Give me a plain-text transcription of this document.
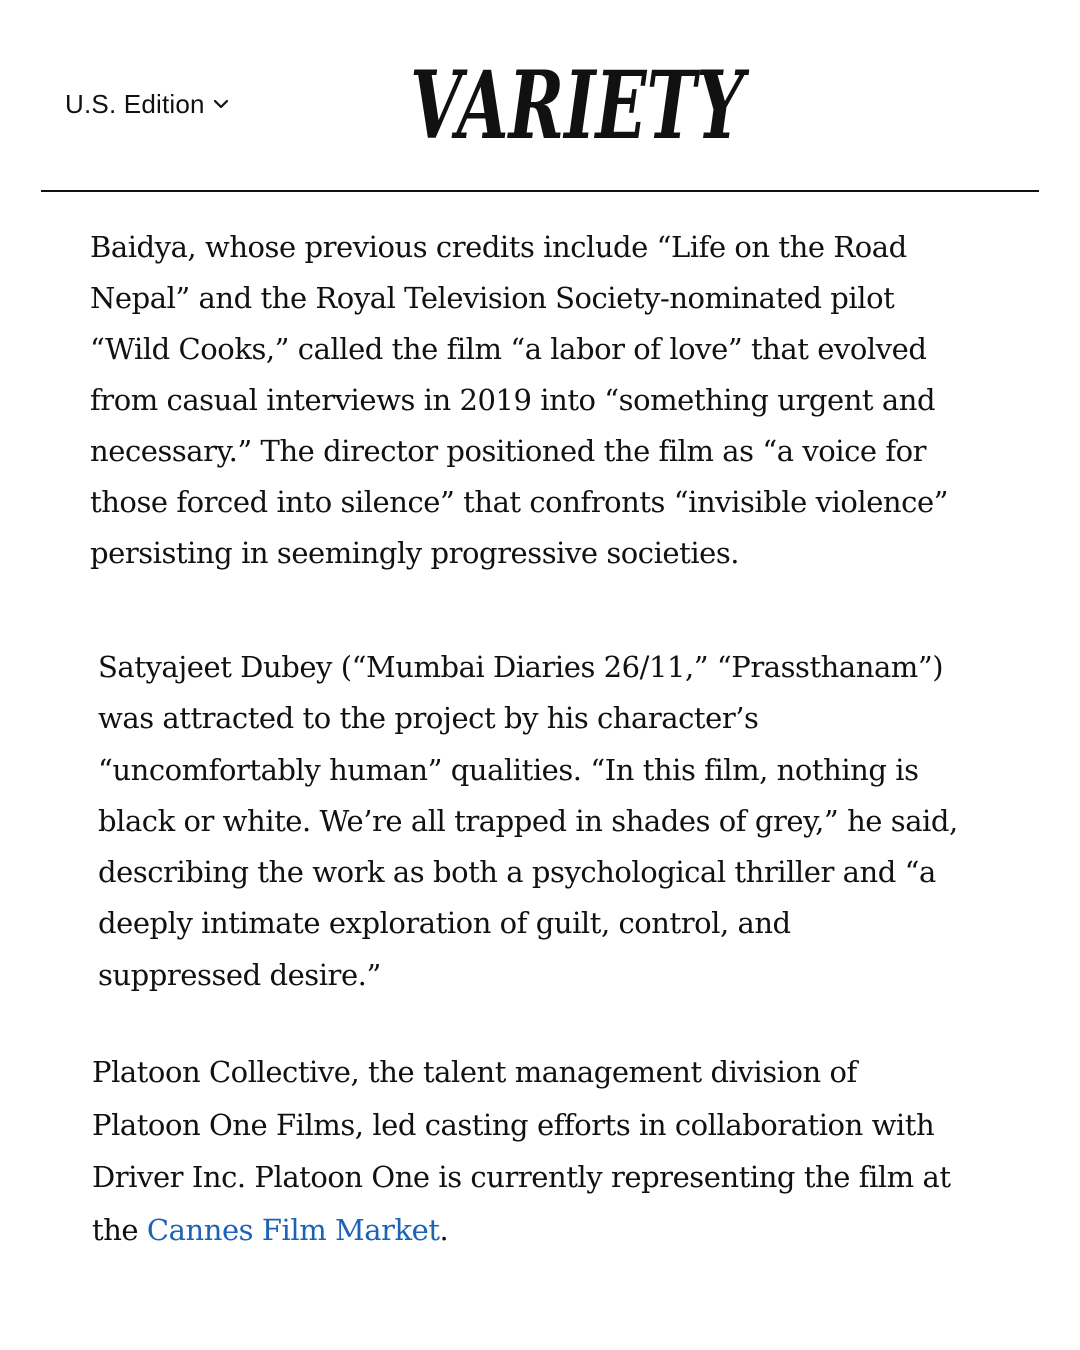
U.S. Edition VARIETY

Baidya, whose previous credits include “Life on the Road Nepal” and the Royal Television Society-nominated pilot “Wild Cooks,” called the film “a labor of love” that evolved from casual interviews in 2019 into “something urgent and necessary.” The director positioned the film as “a voice for those forced into silence” that confronts “invisible violence” persisting in seemingly progressive societies.

Satyajeet Dubey (“Mumbai Diaries 26/11,” “Prassthanam”) was attracted to the project by his character’s “uncomfortably human” qualities. “In this film, nothing is black or white. We’re all trapped in shades of grey,” he said, describing the work as both a psychological thriller and “a deeply intimate exploration of guilt, control, and suppressed desire.”

Platoon Collective, the talent management division of Platoon One Films, led casting efforts in collaboration with Driver Inc. Platoon One is currently representing the film at the Cannes Film Market.
